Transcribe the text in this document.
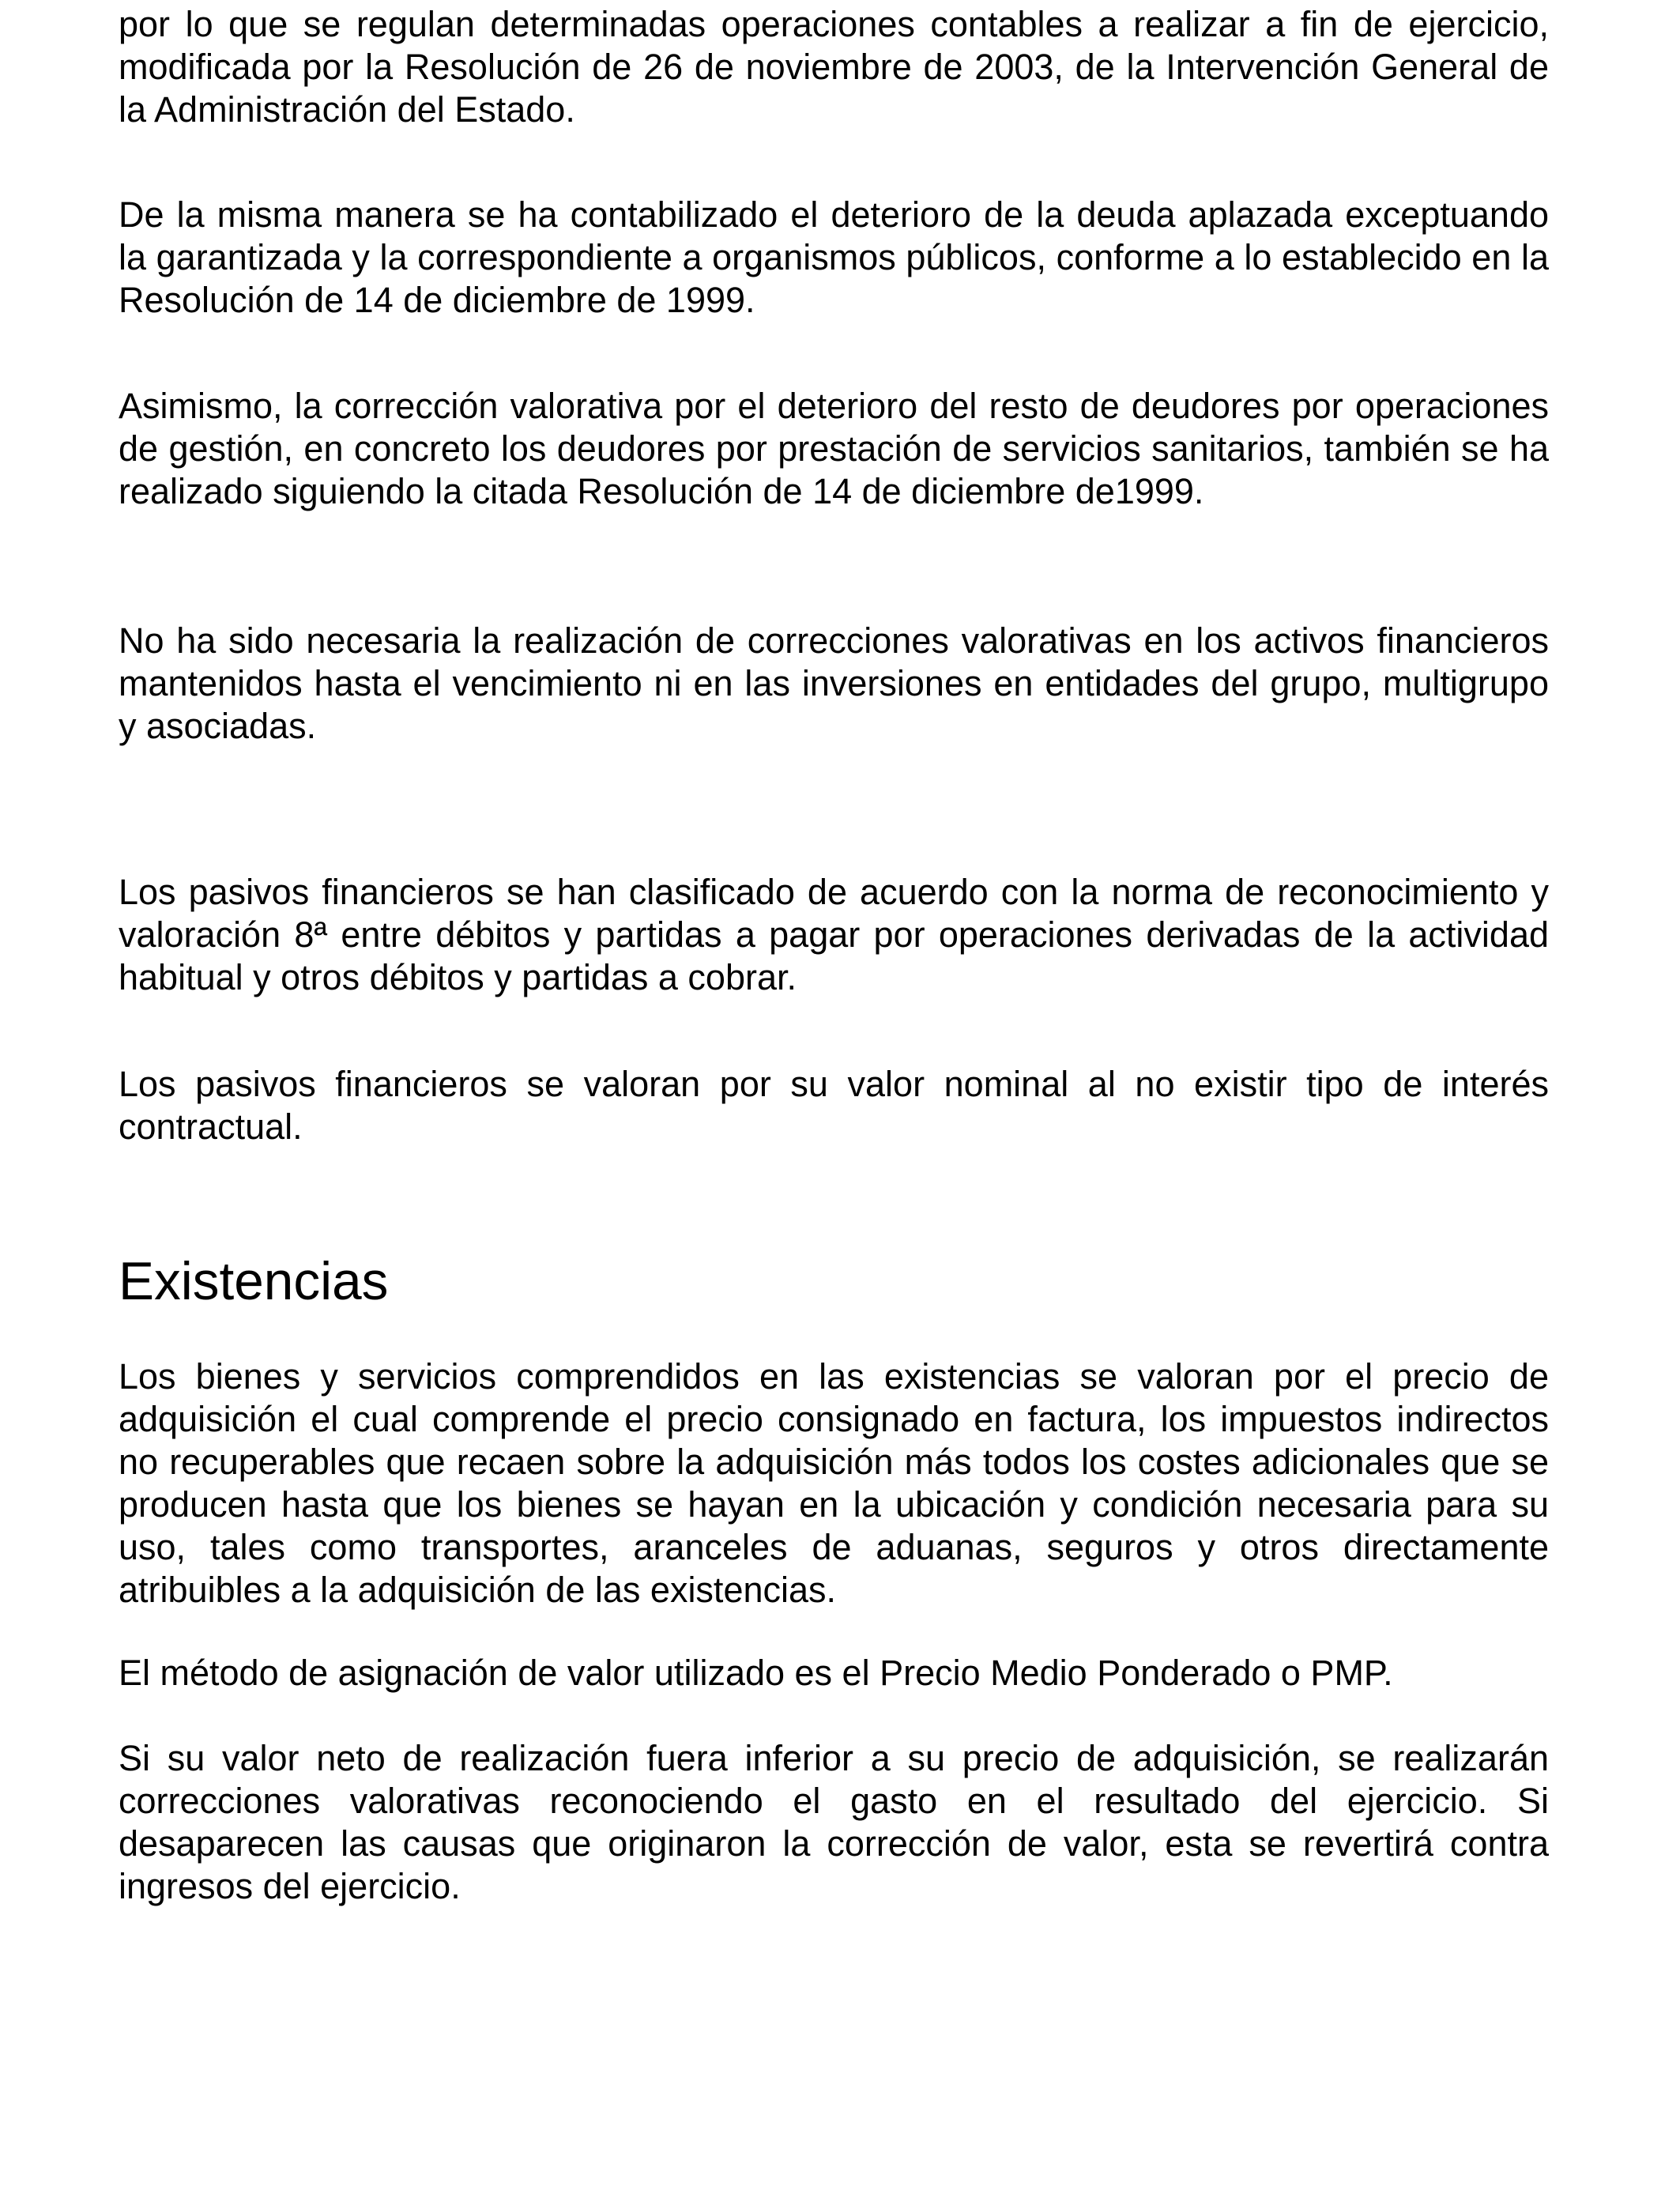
por lo que se regulan determinadas operaciones contables a realizar a fin de ejercicio, modificada por la Resolución de 26 de noviembre de 2003, de la Intervención General de la Administración del Estado.

De la misma manera se ha contabilizado el deterioro de la deuda aplazada exceptuando la garantizada y la correspondiente a organismos públicos, conforme a lo establecido en la Resolución de 14 de diciembre de 1999.

Asimismo, la corrección valorativa por el deterioro del resto de deudores por operaciones de gestión, en concreto los deudores por prestación de servicios sanitarios, también se ha realizado siguiendo la citada Resolución de 14 de diciembre de1999.

No ha sido necesaria la realización de correcciones valorativas en los activos financieros mantenidos hasta el vencimiento ni en las inversiones en entidades del grupo, multigrupo y asociadas.

Los pasivos financieros se han clasificado de acuerdo con la norma de reconocimiento y valoración 8ª entre débitos y partidas a pagar por operaciones derivadas de la actividad habitual y otros débitos y partidas a cobrar.

Los pasivos financieros se valoran por su valor nominal al no existir tipo de interés contractual.

Existencias

Los bienes y servicios comprendidos en las existencias se valoran por el precio de adquisición el cual comprende el precio consignado en factura, los impuestos indirectos no recuperables que recaen sobre la adquisición más todos los costes adicionales que se producen hasta que los bienes se hayan en la ubicación y condición necesaria para su uso, tales como transportes, aranceles de aduanas, seguros y otros directamente atribuibles a la adquisición de las existencias.

El método de asignación de valor utilizado es el Precio Medio Ponderado o PMP.

Si su valor neto de realización fuera inferior a su precio de adquisición, se realizarán correcciones valorativas reconociendo el gasto en el resultado del ejercicio. Si desaparecen las causas que originaron la corrección de valor, esta se revertirá contra ingresos del ejercicio.
